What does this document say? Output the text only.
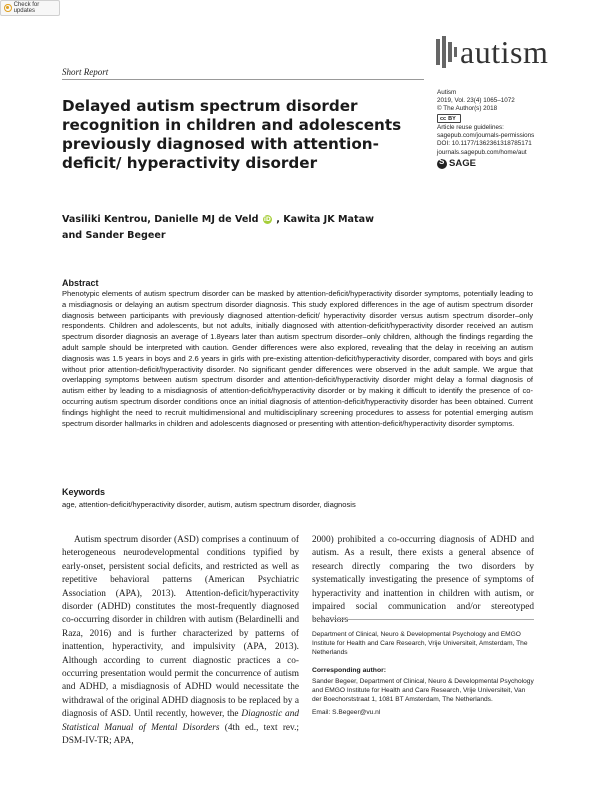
Check for updates
autism
Short Report
Delayed autism spectrum disorder recognition in children and adolescents previously diagnosed with attention-deficit/ hyperactivity disorder
Autism
2019, Vol. 23(4) 1065–1072
© The Author(s) 2018
cc BY
Article reuse guidelines:
sagepub.com/journals-permissions
DOI: 10.1177/1362361318785171
journals.sagepub.com/home/aut
S
SAGE
Vasiliki Kentrou, Danielle MJ de Veld iD , Kawita JK Mataw
and Sander Begeer
Abstract

Phenotypic elements of autism spectrum disorder can be masked by attention-deficit/hyperactivity disorder symptoms, potentially leading to a misdiagnosis or delaying an autism spectrum disorder diagnosis. This study explored differences in the age of autism spectrum disorder diagnosis between participants with previously diagnosed attention-deficit/ hyperactivity disorder versus autism spectrum disorder–only respondents. Children and adolescents, but not adults, initially diagnosed with attention-deficit/hyperactivity disorder received an autism spectrum disorder diagnosis an average of 1.8years later than autism spectrum disorder–only children, although the findings regarding the adult sample should be interpreted with caution. Gender differences were also explored, revealing that the delay in receiving an autism diagnosis was 1.5 years in boys and 2.6 years in girls with pre-existing attention-deficit/hyperactivity disorder, compared with boys and girls without prior attention-deficit/hyperactivity disorder. No significant gender differences were observed in the adult sample. We argue that overlapping symptoms between autism spectrum disorder and attention-deficit/hyperactivity disorder might delay a formal diagnosis of autism either by leading to a misdiagnosis of attention-deficit/hyperactivity disorder or by making it difficult to identify the presence of co-occurring autism spectrum disorder conditions once an initial diagnosis of attention-deficit/hyperactivity disorder has been obtained. Current findings highlight the need to recruit multidimensional and multidisciplinary screening procedures to assess for potential emerging autism spectrum disorder hallmarks in children and adolescents diagnosed or presenting with attention-deficit/hyperactivity disorder symptoms.

Keywords

age, attention-deficit/hyperactivity disorder, autism, autism spectrum disorder, diagnosis

Autism spectrum disorder (ASD) comprises a continuum of heterogeneous neurodevelopmental conditions typified by early-onset, persistent social deficits, and restricted as well as repetitive behavioral patterns (American Psychiatric Association (APA), 2013). Attention-deficit/hyperactivity disorder (ADHD) constitutes the most-frequently diagnosed co-occurring disorder in children with autism (Belardinelli and Raza, 2016) and is further characterized by patterns of inattention, hyperactivity, and impulsivity (APA, 2013). Although according to current diagnostic practices a co-occurring presentation would permit the concurrence of autism and ADHD, a misdiagnosis of ADHD would necessitate the withdrawal of the original ADHD diagnosis to be replaced by a diagnosis of ASD. Until recently, however, the Diagnostic and Statistical Manual of Mental Disorders (4th ed., text rev.; DSM-IV-TR; APA,

2000) prohibited a co-occurring diagnosis of ADHD and autism. As a result, there exists a general absence of research directly comparing the two disorders by systematically investigating the presence of symptoms of hyperactivity and inattention in children with autism, or impaired social communication and/or stereotyped behaviors

Department of Clinical, Neuro & Developmental Psychology and EMGO Institute for Health and Care Research, Vrije Universiteit, Amsterdam, The Netherlands
Corresponding author:
Sander Begeer, Department of Clinical, Neuro & Developmental Psychology and EMGO Institute for Health and Care Research, Vrije Universiteit, Van der Boechorststraat 1, 1081 BT Amsterdam, The Netherlands.
Email: S.Begeer@vu.nl
